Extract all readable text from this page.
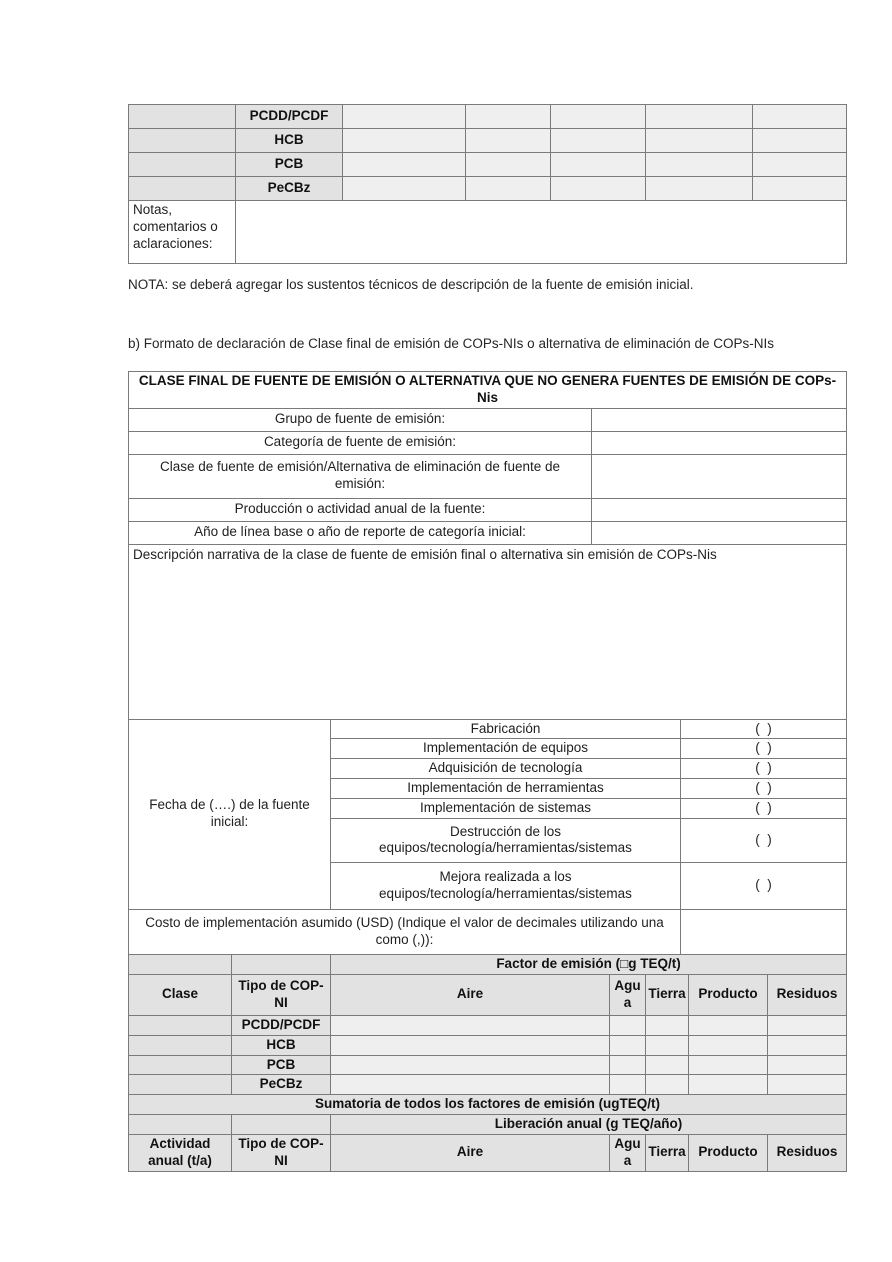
	PCDD/PCDF					
	HCB					
	PCB					
	PeCBz					
Notas, comentarios o aclaraciones:						

NOTA: se deberá agregar los sustentos técnicos de descripción de la fuente de emisión inicial.

b) Formato de declaración de Clase final de emisión de COPs-NIs o alternativa de eliminación de COPs-NIs

CLASE FINAL DE FUENTE DE EMISIÓN O ALTERNATIVA QUE NO GENERA FUENTES DE EMISIÓN DE COPs-Nis	
Grupo de fuente de emisión:	
Categoría de fuente de emisión:	
Clase de fuente de emisión/Alternativa de eliminación de fuente de emisión:	
Producción o actividad anual de la fuente:	
Año de línea base o año de reporte de categoría inicial:	
Descripción narrativa de la clase de fuente de emisión final o alternativa sin emisión de COPs-Nis
Fecha de (….) de la fuente inicial:	Fabricación	(  )
	Implementación de equipos	(  )
	Adquisición de tecnología	(  )
	Implementación de herramientas	(  )
	Implementación de sistemas	(  )
	Destrucción de los equipos/tecnología/herramientas/sistemas	(  )
	Mejora realizada a los equipos/tecnología/herramientas/sistemas	(  )
Costo de implementación asumido (USD) (Indique el valor de decimales utilizando una como (,)):	
		Factor de emisión (□g TEQ/t)				
Clase	Tipo de COP-NI	Aire	Agua	Tierra	Producto	Residuos
	PCDD/PCDF					
	HCB					
	PCB					
	PeCBz					
Sumatoria de todos los factores de emisión (ugTEQ/t)						
		Liberación anual (g TEQ/año)				
Actividad anual (t/a)	Tipo de COP-NI	Aire	Agua	Tierra	Producto	Residuos
